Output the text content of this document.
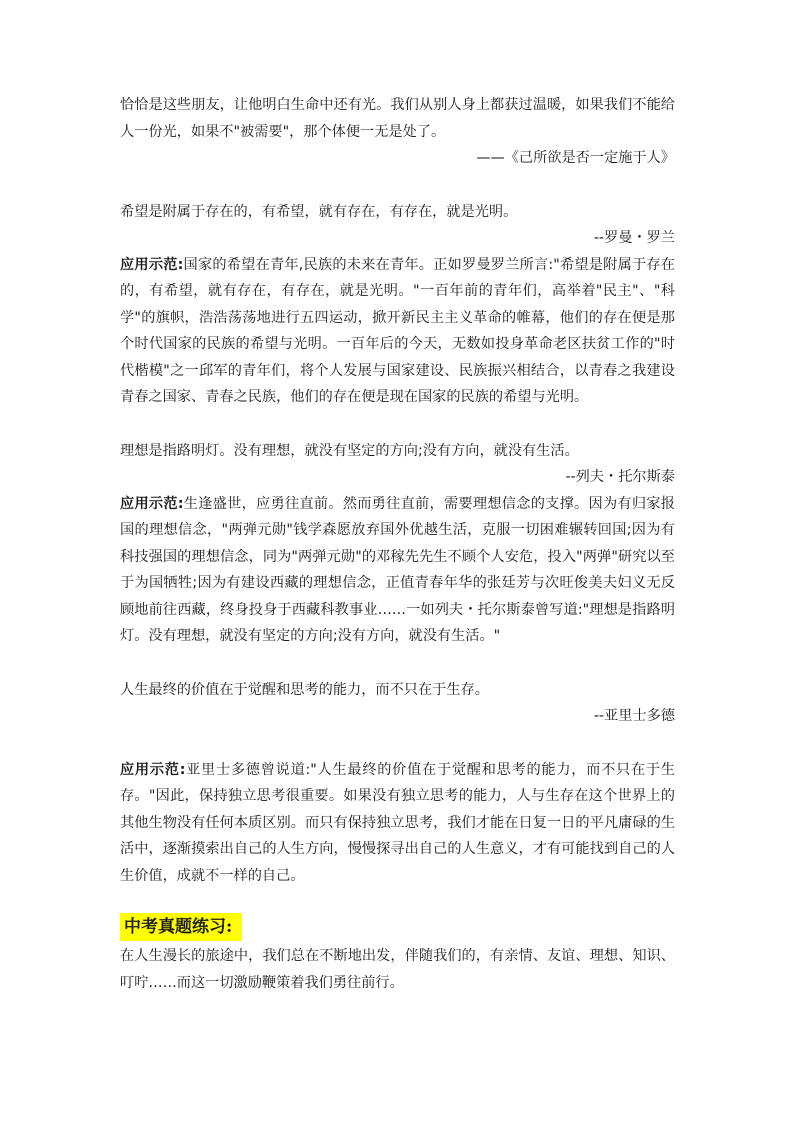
恰恰是这些朋友，让他明白生命中还有光。我们从别人身上都获过温暖，如果我们不能给人一份光，如果不"被需要"，那个体便一无是处了。

——《己所欲是否一定施于人》

希望是附属于存在的，有希望，就有存在，有存在，就是光明。

--罗曼・罗兰

应用示范:国家的希望在青年,民族的未来在青年。正如罗曼罗兰所言:"希望是附属于存在的，有希望，就有存在，有存在，就是光明。"一百年前的青年们，高举着"民主"、"科学"的旗帜，浩浩荡荡地进行五四运动，掀开新民主主义革命的帷幕，他们的存在便是那个时代国家的民族的希望与光明。一百年后的今天，无数如投身革命老区扶贫工作的"时代楷模"之一邱军的青年们，将个人发展与国家建设、民族振兴相结合，以青春之我建设青春之国家、青春之民族，他们的存在便是现在国家的民族的希望与光明。

理想是指路明灯。没有理想，就没有坚定的方向;没有方向，就没有生活。

--列夫・托尔斯泰

应用示范:生逢盛世，应勇往直前。然而勇往直前，需要理想信念的支撑。因为有归家报国的理想信念，"两弹元勋"钱学森愿放弃国外优越生活，克服一切困难辗转回国;因为有科技强国的理想信念，同为"两弹元勋"的邓稼先先生不顾个人安危，投入"两弹"研究以至于为国牺牲;因为有建设西藏的理想信念，正值青春年华的张廷芳与次旺俊美夫妇义无反顾地前往西藏，终身投身于西藏科教事业……一如列夫・托尔斯泰曾写道:"理想是指路明灯。没有理想，就没有坚定的方向;没有方向，就没有生活。"

人生最终的价值在于觉醒和思考的能力，而不只在于生存。

--亚里士多德

应用示范:亚里士多德曾说道:"人生最终的价值在于觉醒和思考的能力，而不只在于生存。"因此，保持独立思考很重要。如果没有独立思考的能力，人与生存在这个世界上的其他生物没有任何本质区别。而只有保持独立思考，我们才能在日复一日的平凡庸碌的生活中，逐渐摸索出自己的人生方向，慢慢探寻出自己的人生意义，才有可能找到自己的人生价值，成就不一样的自己。

中考真题练习:

在人生漫长的旅途中，我们总在不断地出发，伴随我们的，有亲情、友谊、理想、知识、叮咛……而这一切激励鞭策着我们勇往前行。
